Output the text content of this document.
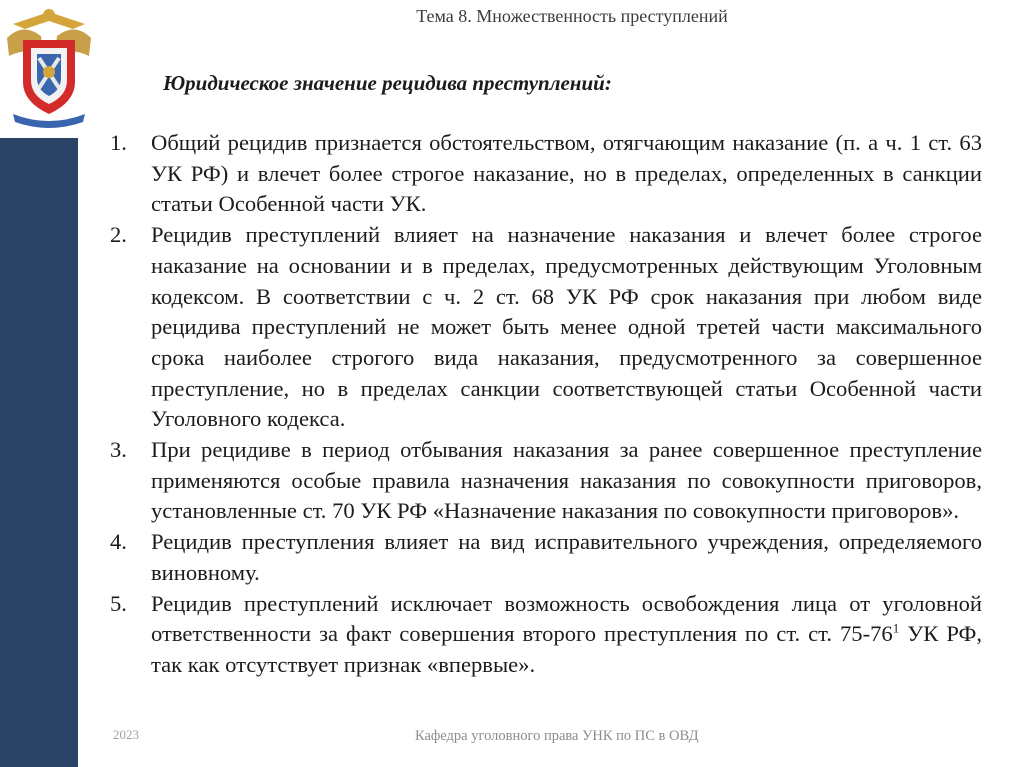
Тема 8. Множественность преступлений
Юридическое значение рецидива преступлений:
1. Общий рецидив признается обстоятельством, отягчающим наказание (п. а ч. 1 ст. 63 УК РФ) и влечет более строгое наказание, но в пределах, определенных в санкции статьи Особенной части УК.
2. Рецидив преступлений влияет на назначение наказания и влечет более строгое наказание на основании и в пределах, предусмотренных действующим Уголовным кодексом. В соответствии с ч. 2 ст. 68 УК РФ срок наказания при любом виде рецидива преступлений не может быть менее одной третей части максимального срока наиболее строгого вида наказания, предусмотренного за совершенное преступление, но в пределах санкции соответствующей статьи Особенной части Уголовного кодекса.
3. При рецидиве в период отбывания наказания за ранее совершенное преступление применяются особые правила назначения наказания по совокупности приговоров, установленные ст. 70 УК РФ «Назначение наказания по совокупности приговоров».
4. Рецидив преступления влияет на вид исправительного учреждения, определяемого виновному.
5. Рецидив преступлений исключает возможность освобождения лица от уголовной ответственности за факт совершения второго преступления по ст. ст. $75-76^1$ УК РФ, так как отсутствует признак «впервые».
2023	Кафедра уголовного права УНК по ПС в ОВД
